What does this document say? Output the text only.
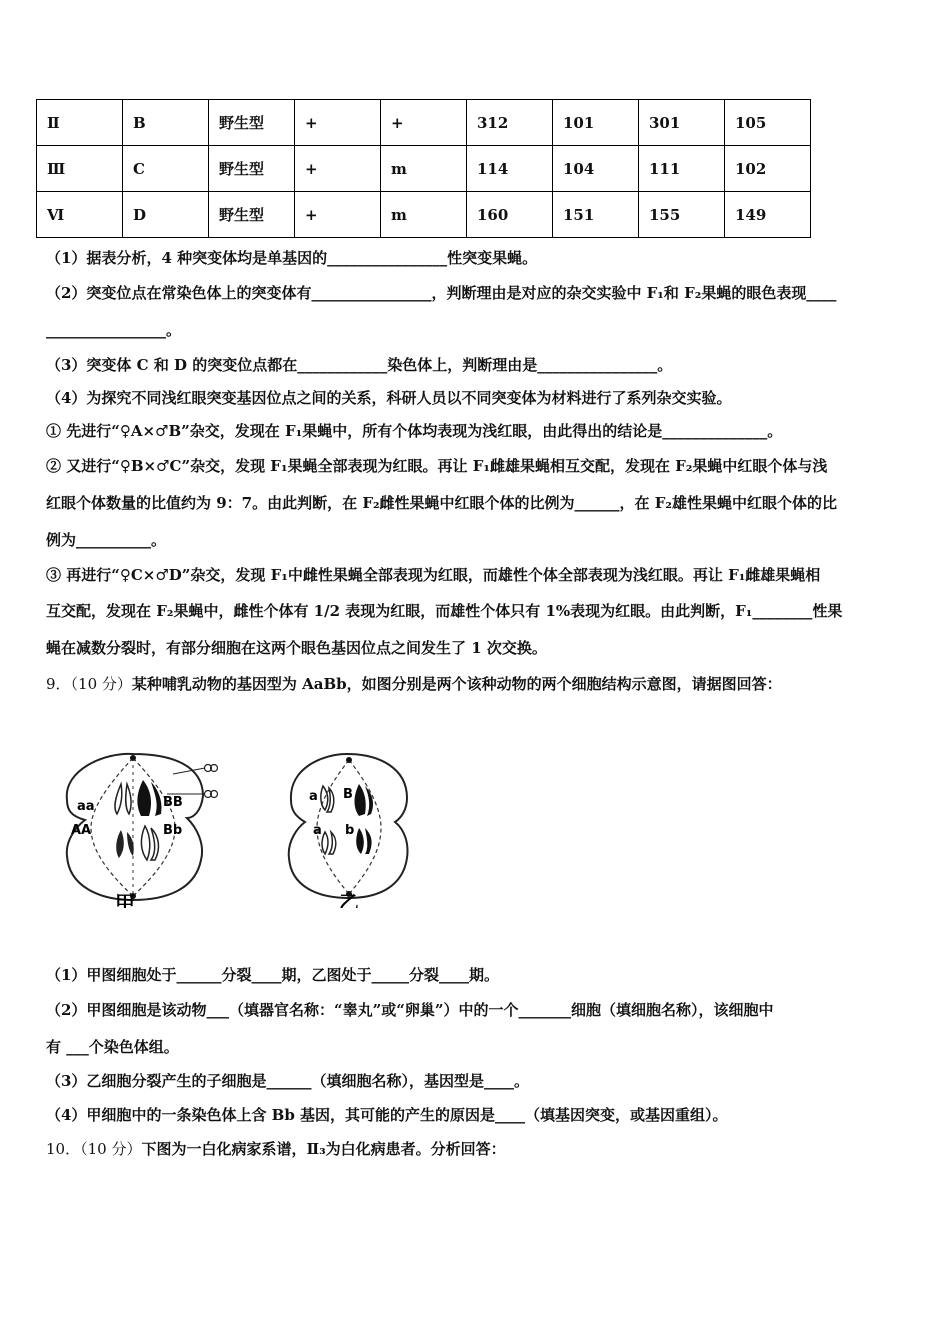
Ⅱ	B	野生型	+	+	312	101	301	105
Ⅲ	C	野生型	+	m	114	104	111	102
Ⅵ	D	野生型	+	m	160	151	155	149
（1）据表分析，4 种突变体均是单基因的________________性突变果蝇。
（2）突变位点在常染色体上的突变体有________________，判断理由是对应的杂交实验中 F₁和 F₂果蝇的眼色表现____
________________。
（3）突变体 C 和 D 的突变位点都在____________染色体上，判断理由是________________。
（4）为探究不同浅红眼突变基因位点之间的关系，科研人员以不同突变体为材料进行了系列杂交实验。
① 先进行“♀A×♂B”杂交，发现在 F₁果蝇中，所有个体均表现为浅红眼，由此得出的结论是______________。
② 又进行“♀B×♂C”杂交，发现 F₁果蝇全部表现为红眼。再让 F₁雌雄果蝇相互交配，发现在 F₂果蝇中红眼个体与浅
红眼个体数量的比值约为 9：7。由此判断，在 F₂雌性果蝇中红眼个体的比例为______，在 F₂雄性果蝇中红眼个体的比
例为__________。
③ 再进行“♀C×♂D”杂交，发现 F₁中雌性果蝇全部表现为红眼，而雄性个体全部表现为浅红眼。再让 F₁雌雄果蝇相
互交配，发现在 F₂果蝇中，雌性个体有 1/2 表现为红眼，而雄性个体只有 1%表现为红眼。由此判断，F₁________性果
蝇在减数分裂时，有部分细胞在这两个眼色基因位点之间发生了 1 次交换。
9．（10 分）某种哺乳动物的基因型为 AaBb，如图分别是两个该种动物的两个细胞结构示意图，请据图回答：
aa
AA
BB
Bb
甲
a B
a b
乙
（1）甲图细胞处于______分裂____期，乙图处于_____分裂____期。
（2）甲图细胞是该动物___（填器官名称：“睾丸”或“卵巢”）中的一个_______细胞（填细胞名称），该细胞中
有 ___个染色体组。
（3）乙细胞分裂产生的子细胞是______（填细胞名称），基因型是____。
（4）甲细胞中的一条染色体上含 Bb 基因，其可能的产生的原因是____（填基因突变，或基因重组）。
10．（10 分）下图为一白化病家系谱，Ⅱ₃为白化病患者。分析回答：
